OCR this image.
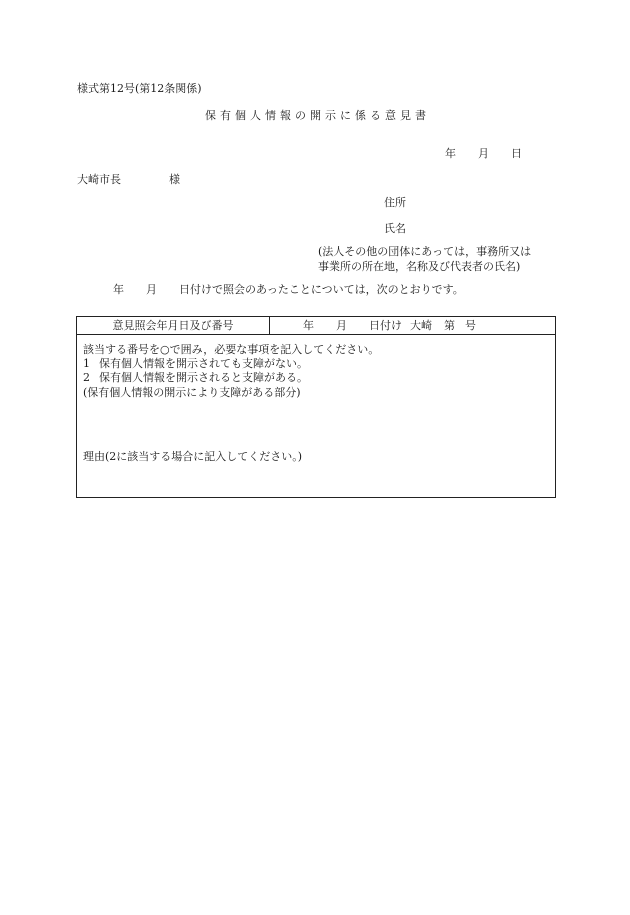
様式第12号(第12条関係)
保有個人情報の開示に係る意見書
年 月 日
大崎市長	様
住所
氏名
(法人その他の団体にあっては，事務所又は
事業所の所在地，名称及び代表者の氏名)
年 月 日付けで照会のあったことについては，次のとおりです。
意見照会年月日及び番号	年 月 日付け 大崎 第 号
該当する番号を○で囲み，必要な事項を記入してください。
1 保有個人情報を開示されても支障がない。
2 保有個人情報を開示されると支障がある。
(保有個人情報の開示により支障がある部分)
理由(2に該当する場合に記入してください。)
